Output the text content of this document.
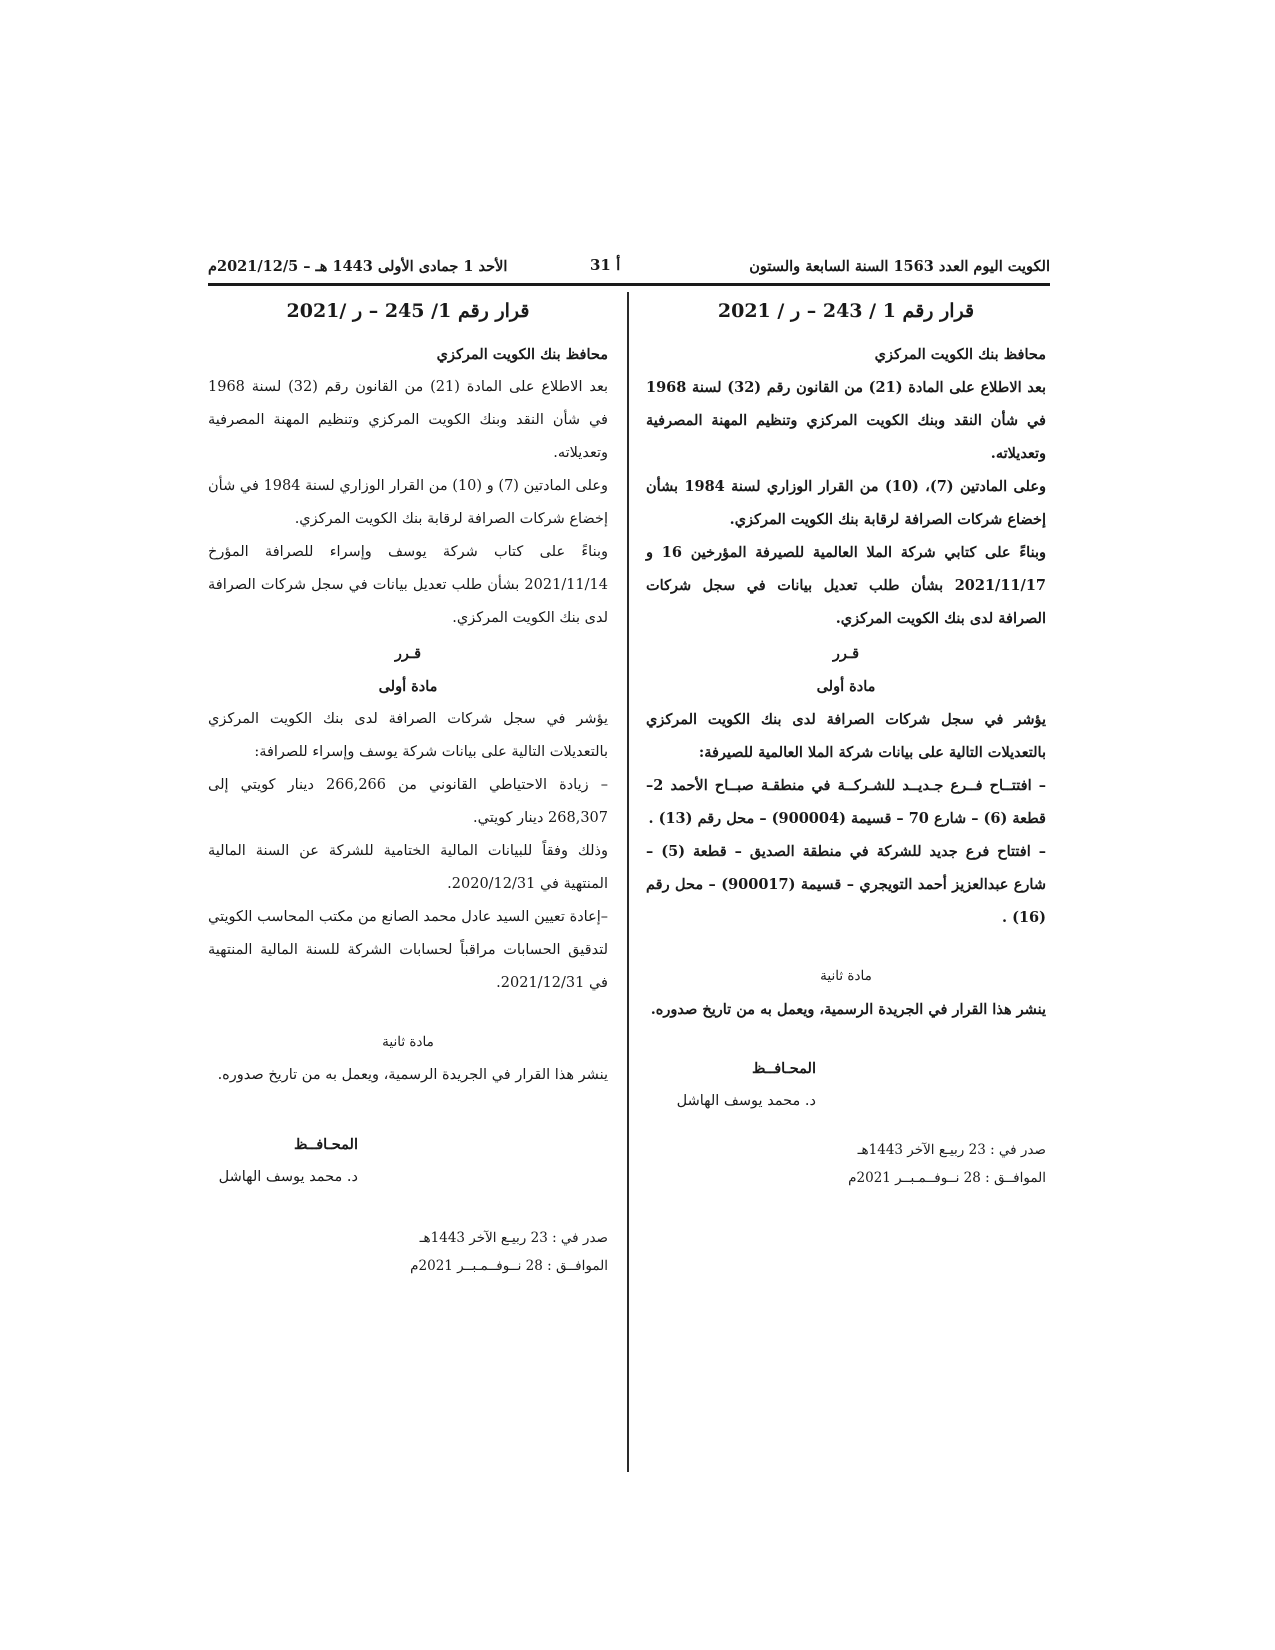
الكويت اليوم العدد 1563 السنة السابعة والستون
أ 31
الأحد 1 جمادى الأولى 1443 هـ – 2021/12/5م
قرار رقم 1 / 243 – ر / 2021

محافظ بنك الكويت المركزي

بعد الاطلاع على المادة (21) من القانون رقم (32) لسنة 1968 في شأن النقد وبنك الكويت المركزي وتنظيم المهنة المصرفية وتعديلاته.

وعلى المادتين (7)، (10) من القرار الوزاري لسنة 1984 بشأن إخضاع شركات الصرافة لرقابة بنك الكويت المركزي.

وبناءً على كتابي شركة الملا العالمية للصيرفة المؤرخين 16 و 2021/11/17 بشأن طلب تعديل بيانات في سجل شركات الصرافة لدى بنك الكويت المركزي.

قـرر

مادة أولى

يؤشر في سجل شركات الصرافة لدى بنك الكويت المركزي بالتعديلات التالية على بيانات شركة الملا العالمية للصيرفة:

– افتتــاح فــرع جـديــد للشـركــة في منطقـة صبــاح الأحمد 2– قطعة (6) – شارع 70 – قسيمة (900004) – محل رقم (13) .

– افتتاح فرع جديد للشركة في منطقة الصديق – قطعة (5) – شارع عبدالعزيز أحمد التويجري – قسيمة (900017) – محل رقم (16) .

مادة ثانية

ينشر هذا القرار في الجريدة الرسمية، ويعمل به من تاريخ صدوره.

المحـافــظ

د. محمد يوسف الهاشل

صدر في : 23 ربيـع الآخر 1443هـ

الموافــق : 28 نــوفــمـبــر 2021م

قرار رقم 1/ 245 – ر /2021

محافظ بنك الكويت المركزي

بعد الاطلاع على المادة (21) من القانون رقم (32) لسنة 1968 في شأن النقد وبنك الكويت المركزي وتنظيم المهنة المصرفية وتعديلاته.

وعلى المادتين (7) و (10) من القرار الوزاري لسنة 1984 في شأن إخضاع شركات الصرافة لرقابة بنك الكويت المركزي.

وبناءً على كتاب شركة يوسف وإسراء للصرافة المؤرخ 2021/11/14 بشأن طلب تعديل بيانات في سجل شركات الصرافة لدى بنك الكويت المركزي.

قـرر

مادة أولى

يؤشر في سجل شركات الصرافة لدى بنك الكويت المركزي بالتعديلات التالية على بيانات شركة يوسف وإسراء للصرافة:

– زيادة الاحتياطي القانوني من 266,266 دينار كويتي إلى 268,307 دينار كويتي.

وذلك وفقاً للبيانات المالية الختامية للشركة عن السنة المالية المنتهية في 2020/12/31.

–إعادة تعيين السيد عادل محمد الصانع من مكتب المحاسب الكويتي لتدقيق الحسابات مراقباً لحسابات الشركة للسنة المالية المنتهية في 2021/12/31.

مادة ثانية

ينشر هذا القرار في الجريدة الرسمية، ويعمل به من تاريخ صدوره.

المحـافــظ

د. محمد يوسف الهاشل

صدر في : 23 ربيـع الآخر 1443هـ

الموافــق : 28 نــوفــمـبــر 2021م
